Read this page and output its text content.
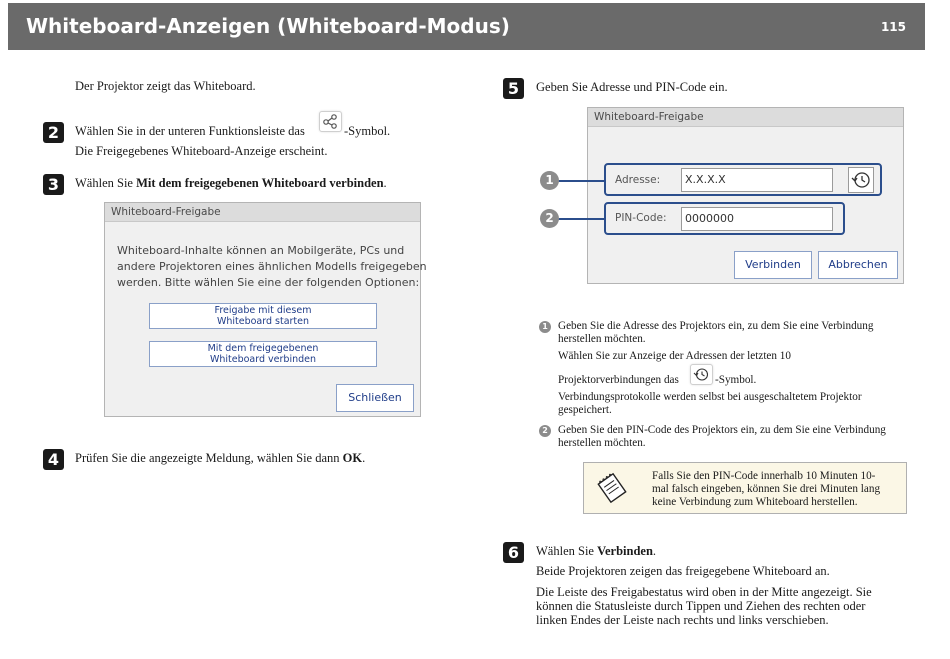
Whiteboard-Anzeigen (Whiteboard-Modus)	115
Der Projektor zeigt das Whiteboard.
2	Wählen Sie in der unteren Funktionsleiste das	-Symbol.
Die Freigegebenes Whiteboard-Anzeige erscheint.
3	Wählen Sie Mit dem freigegebenen Whiteboard verbinden.
Whiteboard-Freigabe
Whiteboard-Inhalte können an Mobilgeräte, PCs und
andere Projektoren eines ähnlichen Modells freigegeben
werden. Bitte wählen Sie eine der folgenden Optionen:
Freigabe mit diesem
Whiteboard starten
Mit dem freigegebenen
Whiteboard verbinden
Schließen
4	Prüfen Sie die angezeigte Meldung, wählen Sie dann OK.
5	Geben Sie Adresse und PIN-Code ein.
Whiteboard-Freigabe
Adresse:	X.X.X.X
PIN-Code:	0000000
Verbinden	Abbrechen
1
2
1 Geben Sie die Adresse des Projektors ein, zu dem Sie eine Verbindung
herstellen möchten.
Wählen Sie zur Anzeige der Adressen der letzten 10
Projektorverbindungen das	-Symbol.
Verbindungsprotokolle werden selbst bei ausgeschaltetem Projektor
gespeichert.
2 Geben Sie den PIN-Code des Projektors ein, zu dem Sie eine Verbindung
herstellen möchten.
Falls Sie den PIN-Code innerhalb 10 Minuten 10-
mal falsch eingeben, können Sie drei Minuten lang
keine Verbindung zum Whiteboard herstellen.
6	Wählen Sie Verbinden.
Beide Projektoren zeigen das freigegebene Whiteboard an.
Die Leiste des Freigabestatus wird oben in der Mitte angezeigt. Sie
können die Statusleiste durch Tippen und Ziehen des rechten oder
linken Endes der Leiste nach rechts und links verschieben.
